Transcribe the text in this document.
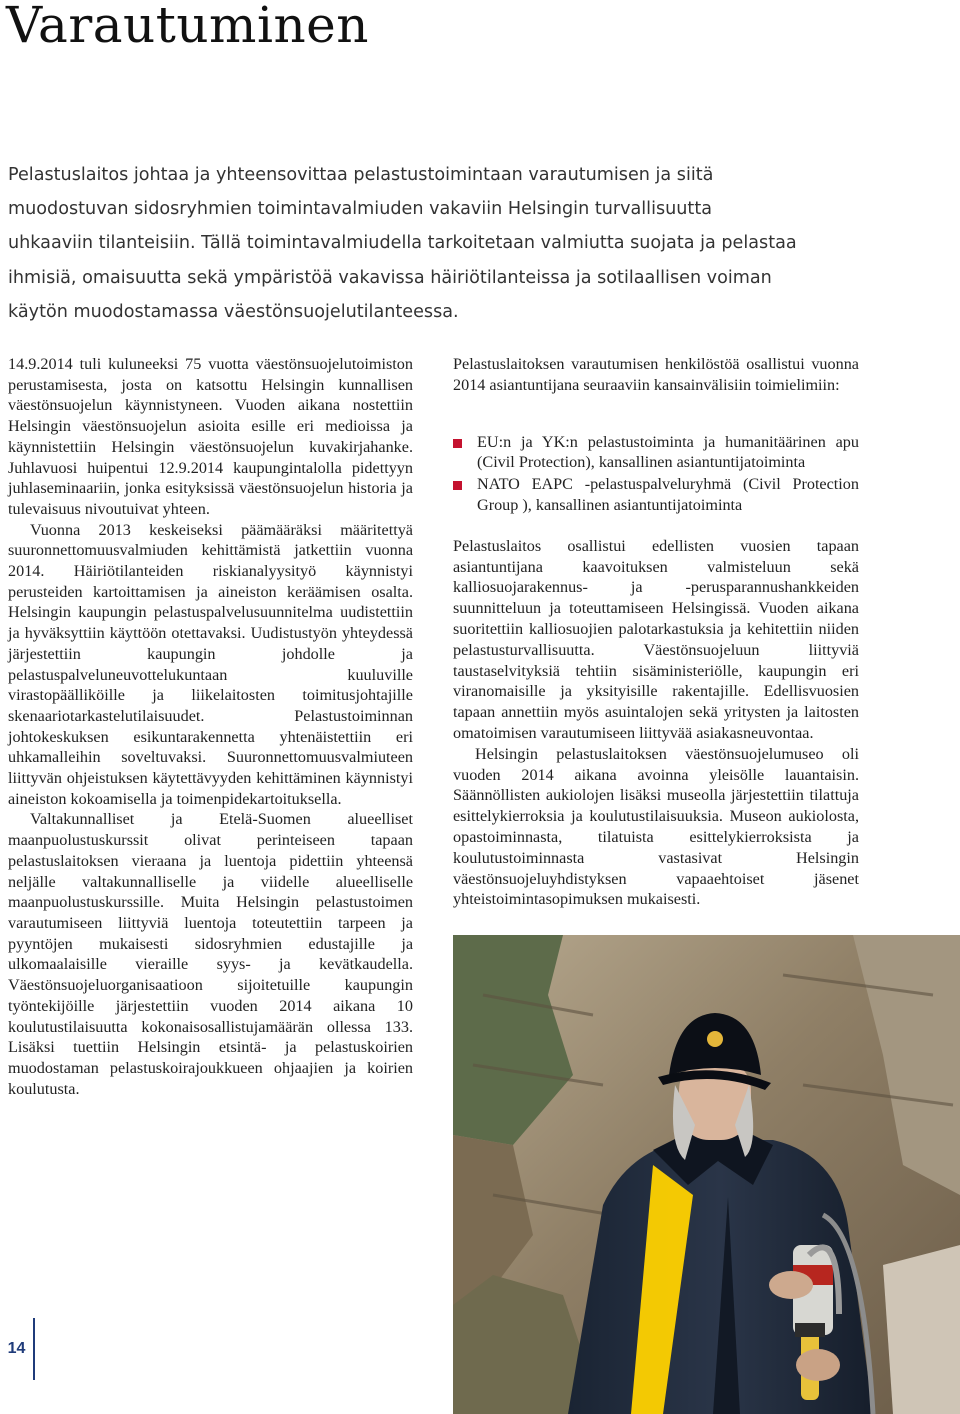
Varautuminen

Pelastuslaitos johtaa ja yhteensovittaa pelastustoimintaan varautumisen ja siitä
muodostuvan sidosryhmien toimintavalmiuden vakaviin Helsingin turvallisuutta
uhkaaviin tilanteisiin. Tällä toimintavalmiudella tarkoitetaan valmiutta suojata ja pelastaa
ihmisiä, omaisuutta sekä ympäristöä vakavissa häiriötilanteissa ja sotilaallisen voiman
käytön muodostamassa väestönsuojelutilanteessa.

14.9.2014 tuli kuluneeksi 75 vuotta väestönsuojelutoimiston perustamisesta, josta on katsottu Helsingin kunnallisen väestönsuojelun käynnistyneen. Vuoden aikana nostettiin Helsingin väestönsuojelun asioita esille eri medioissa ja käynnistettiin Helsingin väestönsuojelun kuvakirjahanke. Juhlavuosi huipentui 12.9.2014 kaupungintalolla pidettyyn juhlaseminaariin, jonka esityksissä väestönsuojelun historia ja tulevaisuus nivoutuivat yhteen.

Vuonna 2013 keskeiseksi päämääräksi määritettyä suuronnettomuusvalmiuden kehittämistä jatkettiin vuonna 2014. Häiriötilanteiden riskianalyysityö käynnistyi perusteiden kartoittamisen ja aineiston keräämisen osalta. Helsingin kaupungin pelastuspalvelusuunnitelma uudistettiin ja hyväksyttiin käyttöön otettavaksi. Uudistustyön yhteydessä järjestettiin kaupungin johdolle ja pelastuspalveluneuvottelukuntaan kuuluville virastopäälliköille ja liikelaitosten toimitusjohtajille skenaariotarkastelutilaisuudet. Pelastustoiminnan johtokeskuksen esikuntarakennetta yhtenäistettiin eri uhkamalleihin soveltuvaksi. Suuronnettomuusvalmiuteen liittyvän ohjeistuksen käytettävyyden kehittäminen käynnistyi aineiston kokoamisella ja toimenpidekartoituksella.

Valtakunnalliset ja Etelä-Suomen alueelliset maanpuolustuskurssit olivat perinteiseen tapaan pelastuslaitoksen vieraana ja luentoja pidettiin yhteensä neljälle valtakunnalliselle ja viidelle alueelliselle maanpuolustuskurssille. Muita Helsingin pelastustoimen varautumiseen liittyviä luentoja toteutettiin tarpeen ja pyyntöjen mukaisesti sidosryhmien edustajille ja ulkomaalaisille vieraille syys- ja kevätkaudella. Väestönsuojeluorganisaatioon sijoitetuille kaupungin työntekijöille järjestettiin vuoden 2014 aikana 10 koulutustilaisuutta kokonaisosallistujamäärän ollessa 133. Lisäksi tuettiin Helsingin etsintä- ja pelastuskoirien muodostaman pelastuskoirajoukkueen ohjaajien ja koirien koulutusta.

Pelastuslaitoksen varautumisen henkilöstöä osallistui vuonna 2014 asiantuntijana seuraaviin kansainvälisiin toimielimiin:

EU:n ja YK:n pelastustoiminta ja humanitäärinen apu (Civil Protection), kansallinen asiantuntijatoiminta
NATO EAPC -pelastuspalveluryhmä (Civil Protection Group ), kansallinen asiantuntijatoiminta

Pelastuslaitos osallistui edellisten vuosien tapaan asiantuntijana kaavoituksen valmisteluun sekä kalliosuojarakennus- ja -perusparannushankkeiden suunnitteluun ja toteuttamiseen Helsingissä. Vuoden aikana suoritettiin kalliosuojien palotarkastuksia ja kehitettiin niiden pelastusturvallisuutta. Väestönsuojeluun liittyviä taustaselvityksiä tehtiin sisäministeriölle, kaupungin eri viranomaisille ja yksityisille rakentajille. Edellisvuosien tapaan annettiin myös asuintalojen sekä yritysten ja laitosten omatoimisen varautumiseen liittyvää asiakasneuvontaa.

Helsingin pelastuslaitoksen väestönsuojelumuseo oli vuoden 2014 aikana avoinna yleisölle lauantaisin. Säännöllisten aukiolojen lisäksi museolla järjestettiin tilattuja esittelykierroksia ja koulutustilaisuuksia. Museon aukiolosta, opastoiminnasta, tilatuista esittelykierroksista ja koulutustoiminnasta vastasivat Helsingin väestönsuojeluyhdistyksen vapaaehtoiset jäsenet yhteistoimintasopimuksen mukaisesti.

14
